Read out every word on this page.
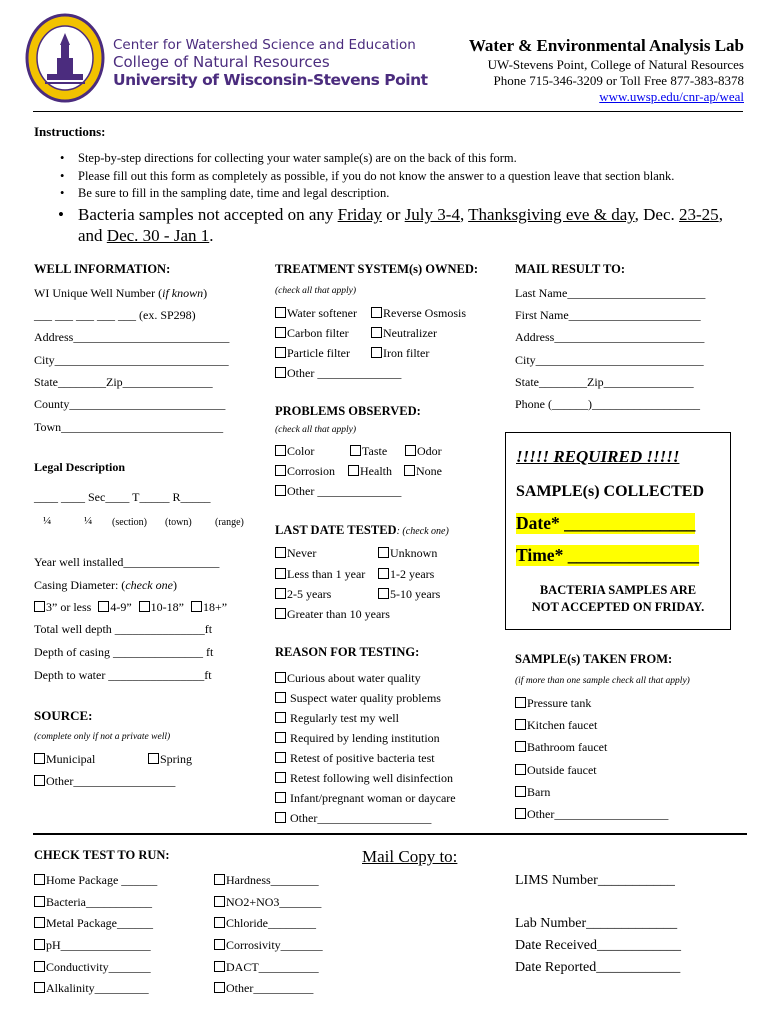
Center for Watershed Science and Education
College of Natural Resources
University of Wisconsin-Stevens Point
Water & Environmental Analysis Lab
UW-Stevens Point, College of Natural Resources
Phone 715-346-3209 or Toll Free 877-383-8378
www.uwsp.edu/cnr-ap/weal
Instructions:
• Step-by-step directions for collecting your water sample(s) are on the back of this form.
• Please fill out this form as completely as possible, if you do not know the answer to a question leave that section blank.
• Be sure to fill in the sampling date, time and legal description.
• Bacteria samples not accepted on any Friday or July 3-4, Thanksgiving eve & day, Dec. 23-25,
and Dec. 30 - Jan 1.
WELL INFORMATION:
WI Unique Well Number (if known)
___ ___ ___ ___ ___ (ex. SP298)
Address__________________________
City_____________________________
State________Zip_______________
County__________________________
Town___________________________
Legal Description
____ ____ Sec____ T_____ R_____
¼	¼ (section) (town) (range)
Year well installed________________
Casing Diameter: (check one)
3” or less 4-9” 10-18” 18+”
Total well depth _______________ft
Depth of casing _______________ ft
Depth to water ________________ft
SOURCE:
(complete only if not a private well)
Municipal	Spring
Other_________________
TREATMENT SYSTEM(s) OWNED:
(check all that apply)
Water softener	Reverse Osmosis
Carbon filter	Neutralizer
Particle filter	Iron filter
Other ______________
PROBLEMS OBSERVED:
(check all that apply)
Color	Taste	Odor
Corrosion	Health	None
Other ______________
LAST DATE TESTED: (check one)
Never	Unknown
Less than 1 year	1-2 years
2-5 years	5-10 years
Greater than 10 years
REASON FOR TESTING:
Curious about water quality
Suspect water quality problems
Regularly test my well
Required by lending institution
Retest of positive bacteria test
Retest following well disinfection
Infant/pregnant woman or daycare
Other___________________
MAIL RESULT TO:
Last Name_______________________
First Name______________________
Address_________________________
City____________________________
State________Zip_______________
Phone (______)__________________
!!!!! REQUIRED !!!!!
SAMPLE(s) COLLECTED
Date* _______________
Time* _______________
BACTERIA SAMPLES ARE
NOT ACCEPTED ON FRIDAY.
SAMPLE(s) TAKEN FROM:
(if more than one sample check all that apply)
Pressure tank
Kitchen faucet
Bathroom faucet
Outside faucet
Barn
Other___________________
CHECK TEST TO RUN:
Home Package ______
Bacteria___________
Metal Package______
pH_______________
Conductivity_______
Alkalinity_________
Hardness________
NO2+NO3_______
Chloride________
Corrosivity_______
DACT__________
Other__________
Mail Copy to:
LIMS Number___________
Lab Number_____________
Date Received____________
Date Reported____________
